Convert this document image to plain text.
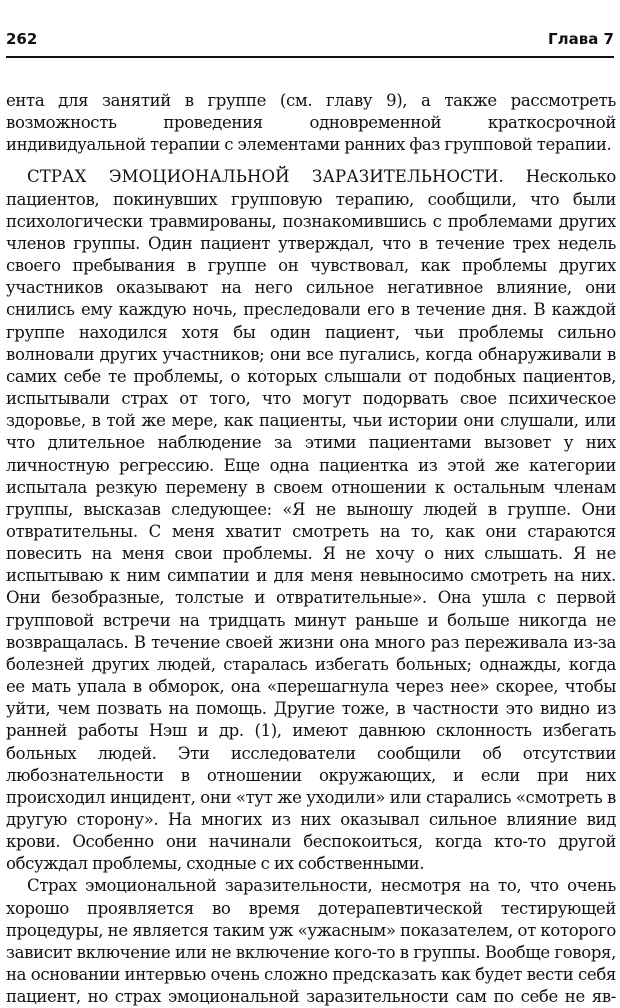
262	Глава 7

ента для занятий в группе (см. главу 9), а также рассмотреть возможность проведения одновременной краткосрочной индивидуальной терапии с элементами ранних фаз групповой терапии.

СТРАХ ЭМОЦИОНАЛЬНОЙ ЗАРАЗИТЕЛЬНОСТИ. Несколько пациентов, покинувших групповую терапию, сообщили, что были психологически травмированы, познакомившись с проблемами других членов группы. Один пациент утверждал, что в течение трех недель своего пребывания в группе он чувствовал, как проблемы других участников оказывают на него сильное негативное влияние, они снились ему каждую ночь, преследовали его в течение дня. В каждой группе находился хотя бы один пациент, чьи проблемы сильно волновали других участников; они все пугались, когда обнаруживали в самих себе те проблемы, о которых слышали от подобных пациентов, испытывали страх от того, что могут подорвать свое психическое здоровье, в той же мере, как пациенты, чьи истории они слушали, или что длительное наблюдение за этими пациентами вызовет у них личностную регрессию. Еще одна пациентка из этой же категории испытала резкую перемену в своем отношении к остальным членам группы, высказав следующее: «Я не выношу людей в группе. Они отвратительны. С меня хватит смотреть на то, как они стараются повесить на меня свои проблемы. Я не хочу о них слышать. Я не испытываю к ним симпатии и для меня невыносимо смотреть на них. Они безобразные, толстые и отвратительные». Она ушла с первой групповой встречи на тридцать минут раньше и больше никогда не возвращалась. В течение своей жизни она много раз переживала из-за болезней других людей, старалась избегать больных; однажды, когда ее мать упала в обморок, она «перешагнула через нее» скорее, чтобы уйти, чем позвать на помощь. Другие тоже, в частности это видно из ранней работы Нэш и др. (1), имеют давнюю склонность избегать больных людей. Эти исследователи сообщили об отсутствии любознательности в отношении окружающих, и если при них происходил инцидент, они «тут же уходили» или старались «смотреть в другую сторону». На многих из них оказывал сильное влияние вид крови. Особенно они начинали беспокоиться, когда кто-то другой обсуждал проблемы, сходные с их собственными.

Страх эмоциональной заразительности, несмотря на то, что очень хорошо проявляется во время дотерапевтической тестирующей процедуры, не является таким уж «ужасным» показателем, от которого зависит включение или не включение кого-то в группы. Вообще говоря, на основании интервью очень сложно предсказать как будет вести себя пациент, но страх эмоциональной заразительности сам по себе не яв-
